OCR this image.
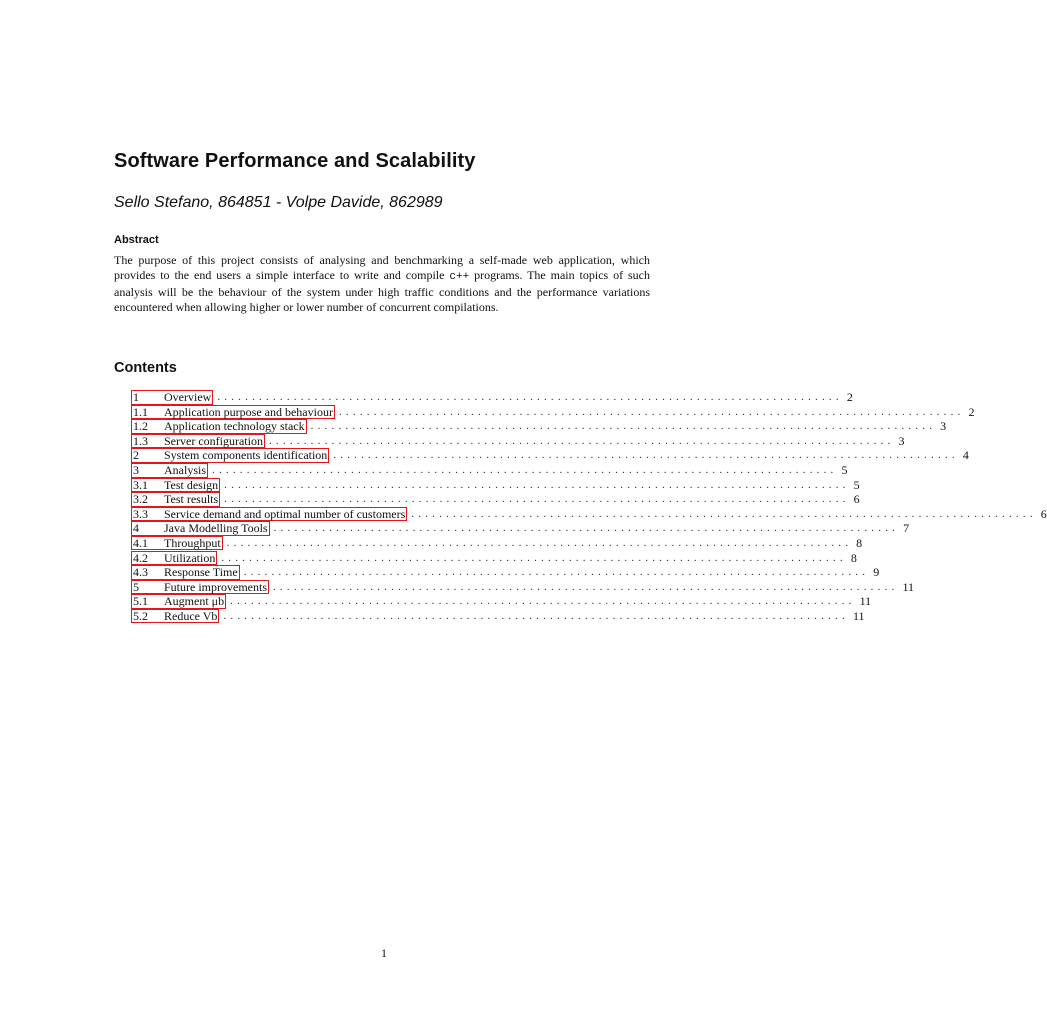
Software Performance and Scalability
Sello Stefano, 864851 - Volpe Davide, 862989
Abstract

The purpose of this project consists of analysing and benchmarking a self-made web application, which provides to the end users a simple interface to write and compile c++ programs. The main topics of such analysis will be the behaviour of the system under high traffic conditions and the performance variations encountered when allowing higher or lower number of concurrent compilations.

Contents
1	Overview .......................................................................................... 2
1.1	Application purpose and behaviour .......................................................................................... 2
1.2	Application technology stack .......................................................................................... 3
1.3	Server configuration .......................................................................................... 3
2	System components identification .......................................................................................... 4
3	Analysis .......................................................................................... 5
3.1	Test design .......................................................................................... 5
3.2	Test results .......................................................................................... 6
3.3	Service demand and optimal number of customers .......................................................................................... 6
4	Java Modelling Tools .......................................................................................... 7
4.1	Throughput .......................................................................................... 8
4.2	Utilization .......................................................................................... 8
4.3	Response Time .......................................................................................... 9
5	Future improvements .......................................................................................... 11
5.1	Augment μb .......................................................................................... 11
5.2	Reduce Vb .......................................................................................... 11
1
